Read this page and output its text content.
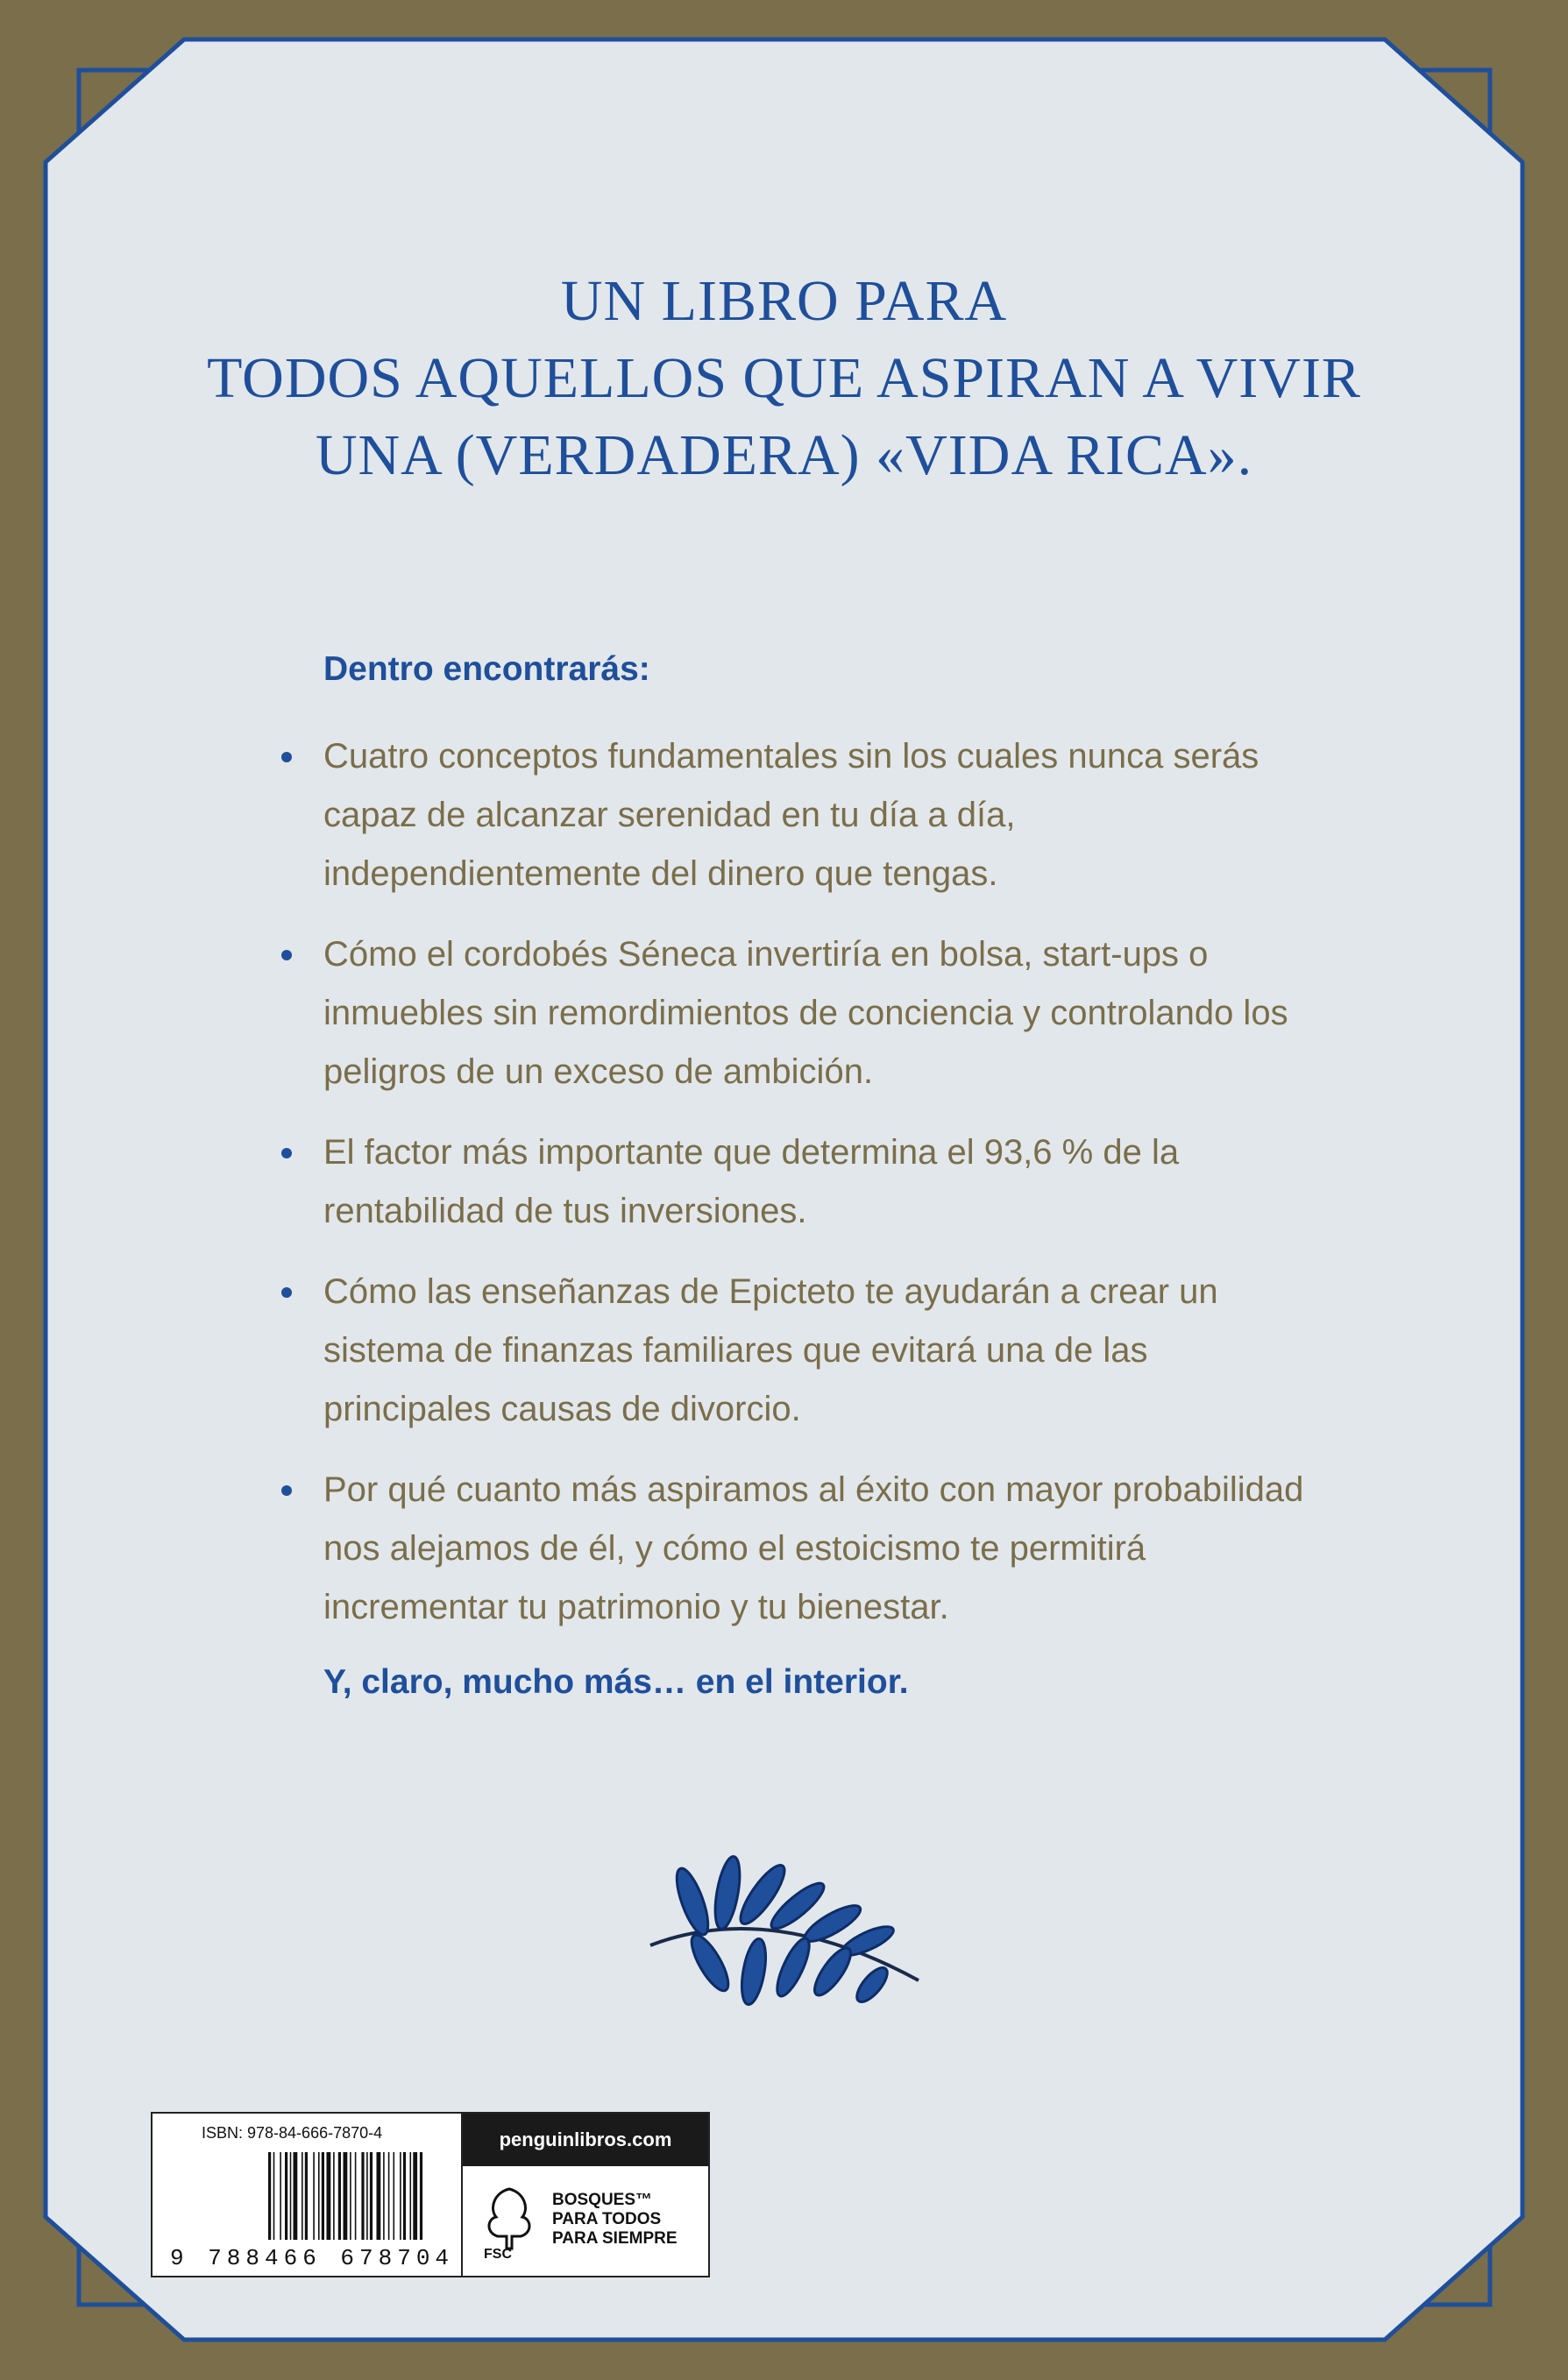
UN LIBRO PARA
TODOS AQUELLOS QUE ASPIRAN A VIVIR
UNA (VERDADERA) «VIDA RICA».
Dentro encontrarás:
Cuatro conceptos fundamentales sin los cuales nunca serás capaz de alcanzar serenidad en tu día a día, independientemente del dinero que tengas.
Cómo el cordobés Séneca invertiría en bolsa, start-ups o inmuebles sin remordimientos de conciencia y controlando los peligros de un exceso de ambición.
El factor más importante que determina el 93,6 % de la rentabilidad de tus inversiones.
Cómo las enseñanzas de Epicteto te ayudarán a crear un sistema de finanzas familiares que evitará una de las principales causas de divorcio.
Por qué cuanto más aspiramos al éxito con mayor probabilidad nos alejamos de él, y cómo el estoicismo te permitirá incrementar tu patrimonio y tu bienestar.
Y, claro, mucho más… en el interior.
ISBN: 978-84-666-7870-4
9 788466 678704
penguinlibros.com
FSC
BOSQUES™
PARA TODOS
PARA SIEMPRE
